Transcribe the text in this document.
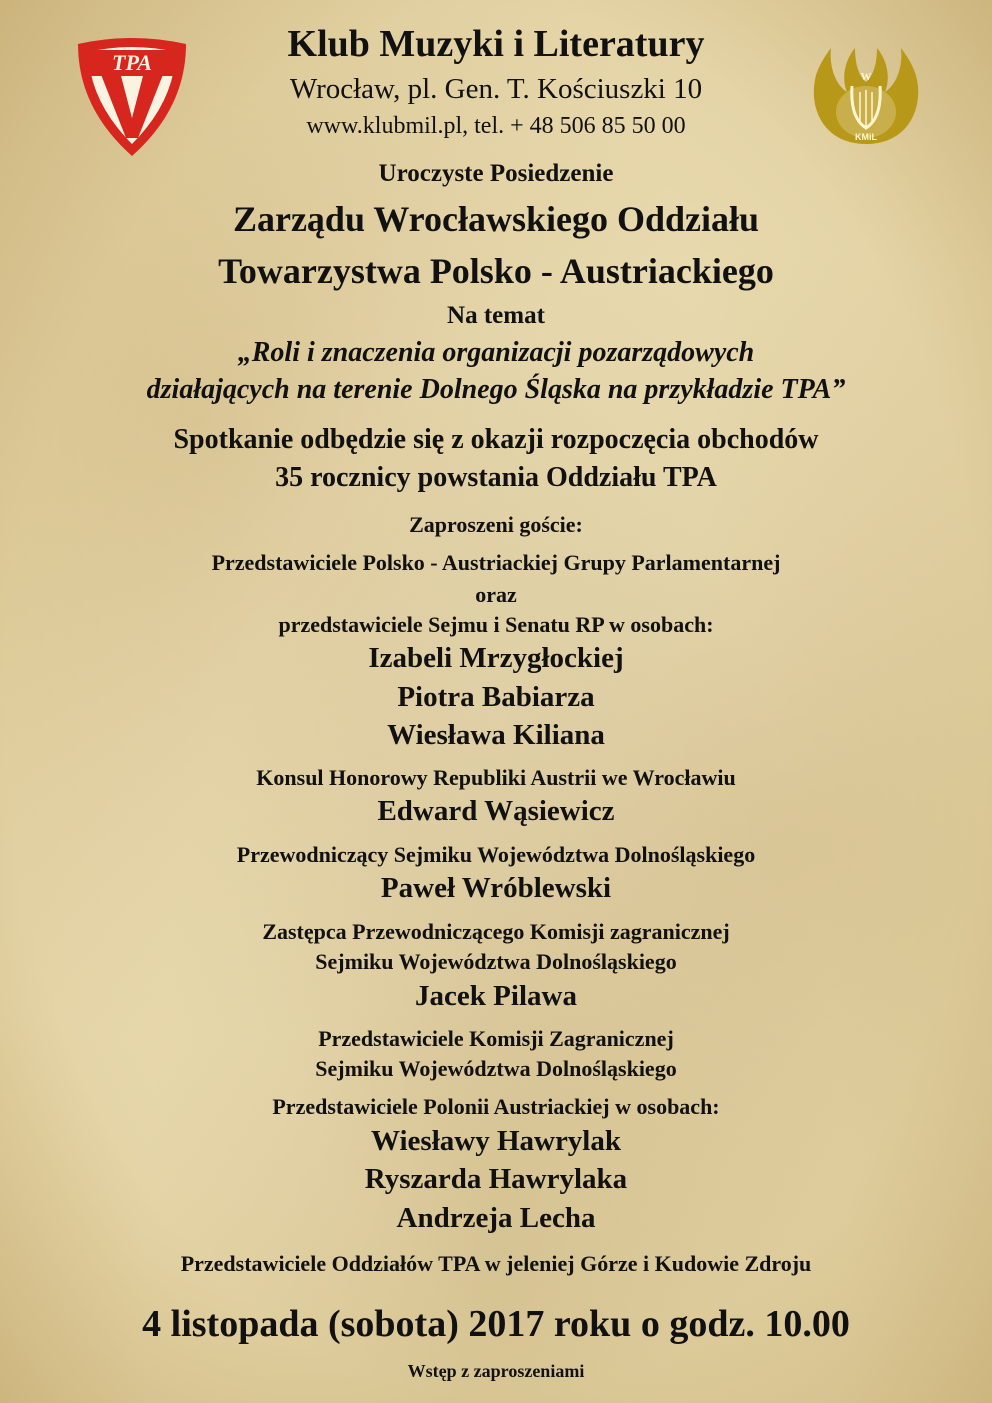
TPA
W
KMiL
Klub Muzyki i Literatury
Wrocław, pl. Gen. T. Kościuszki 10
www.klubmil.pl, tel. + 48 506 85 50 00
Uroczyste Posiedzenie
Zarządu Wrocławskiego Oddziału
Towarzystwa Polsko - Austriackiego
Na temat
„Roli i znaczenia organizacji pozarządowych
działających na terenie Dolnego Śląska na przykładzie TPA”
Spotkanie odbędzie się z okazji rozpoczęcia obchodów
35 rocznicy powstania Oddziału TPA
Zaproszeni goście:
Przedstawiciele Polsko - Austriackiej Grupy Parlamentarnej
oraz
przedstawiciele Sejmu i Senatu RP w osobach:
Izabeli Mrzygłockiej
Piotra Babiarza
Wiesława Kiliana
Konsul Honorowy Republiki Austrii we Wrocławiu
Edward Wąsiewicz
Przewodniczący Sejmiku Województwa Dolnośląskiego
Paweł Wróblewski
Zastępca Przewodniczącego Komisji zagranicznej
Sejmiku Województwa Dolnośląskiego
Jacek Pilawa
Przedstawiciele Komisji Zagranicznej
Sejmiku Województwa Dolnośląskiego
Przedstawiciele Polonii Austriackiej w osobach:
Wiesławy Hawrylak
Ryszarda Hawrylaka
Andrzeja Lecha
Przedstawiciele Oddziałów TPA w jeleniej Górze i Kudowie Zdroju
4 listopada (sobota) 2017 roku o godz. 10.00
Wstęp z zaproszeniami
